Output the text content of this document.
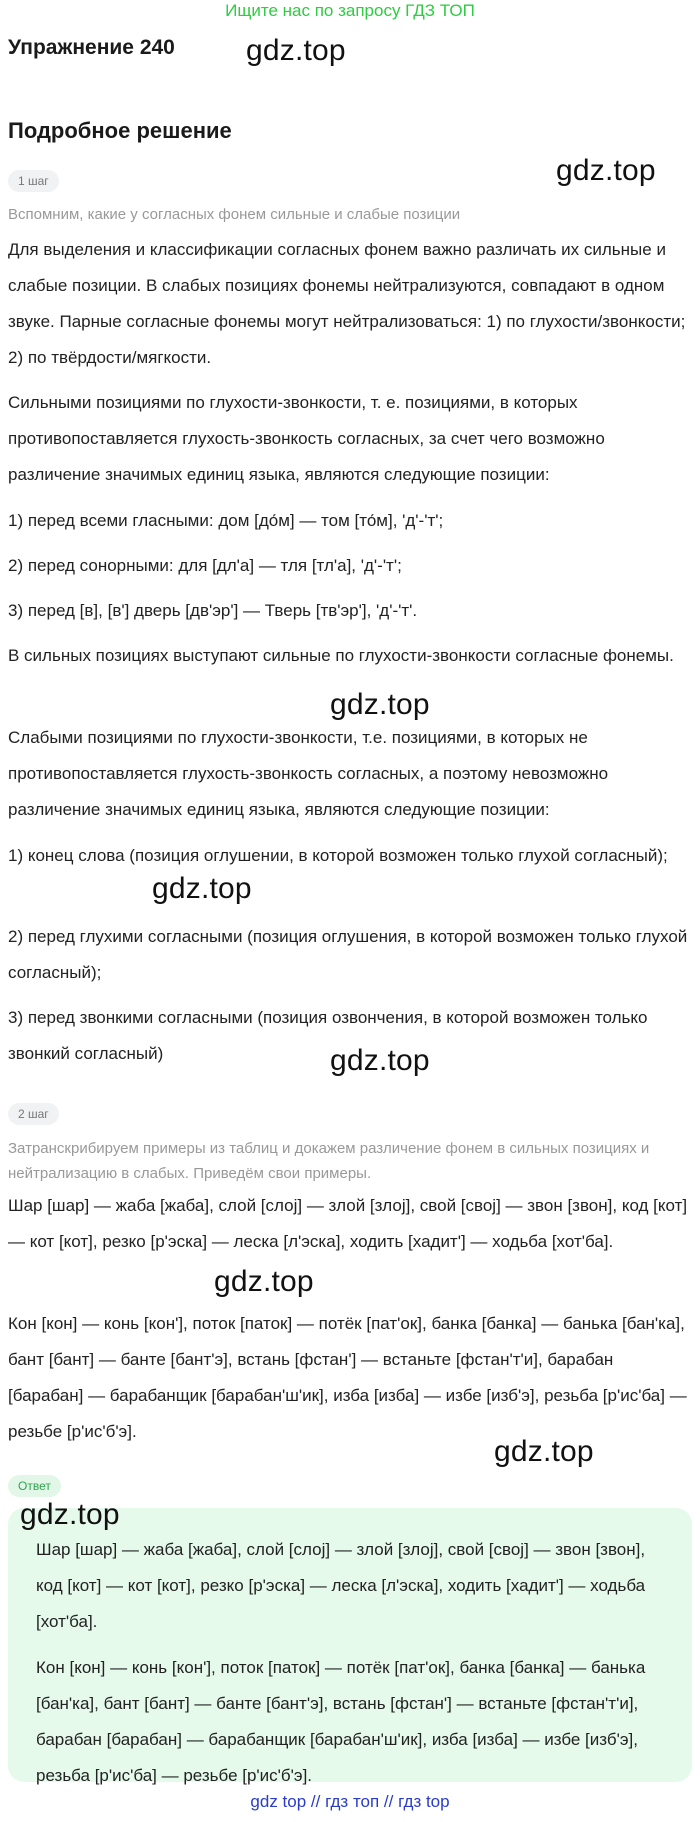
Ищите нас по запросу ГДЗ ТОП
Упражнение 240 gdz.top
gdz.top
Подробное решение
1 шаг
Вспомним, какие у согласных фонем сильные и слабые позиции
Для выделения и классификации согласных фонем важно различать их сильные и слабые позиции. В слабых позициях фонемы нейтрализуются, совпадают в одном звуке. Парные согласные фонемы могут нейтрализоваться: 1) по глухости/звонкости; 2) по твёрдости/мягкости.
Сильными позициями по глухости-звонкости, т. е. позициями, в которых противопоставляется глухость-звонкость согласных, за счет чего возможно различение значимых единиц языка, являются следующие позиции:
1) перед всеми гласными: дом [до́м] — том [то́м], 'д'-'т';
2) перед сонорными: для [дл'а] — тля [тл'а], 'д'-'т';
3) перед [в], [в'] дверь [дв'эр'] — Тверь [тв'эр'], 'д'-'т'.
В сильных позициях выступают сильные по глухости-звонкости согласные фонемы.
gdz.top
Слабыми позициями по глухости-звонкости, т.е. позициями, в которых не противопоставляется глухость-звонкость согласных, а поэтому невозможно различение значимых единиц языка, являются следующие позиции:
1) конец слова (позиция оглушении, в которой возможен только глухой согласный);
gdz.top
2) перед глухими согласными (позиция оглушения, в которой возможен только глухой согласный);
3) перед звонкими согласными (позиция озвончения, в которой возможен только звонкий согласный)	gdz.top
2 шаг
Затранскрибируем примеры из таблиц и докажем различение фонем в сильных позициях и нейтрализацию в слабых. Приведём свои примеры.
Шар [шар] — жаба [жаба], слой [слој] — злой [злој], свой [свој] — звон [звон], код [кот] — кот [кот], резко [р'эска] — леска [л'эска], ходить [хадит'] — ходьба [хот'ба].
gdz.top
Кон [кон] — конь [кон'], поток [паток] — потёк [пат'ок], банка [банка] — банька [бан'ка], бант [бант] — банте [бант'э], встань [фстан'] — встаньте [фстан'т'и], барабан [барабан] — барабанщик [барабан'ш'ик], изба [изба] — избе [изб'э], резьба [р'ис'ба] — резьбе [р'ис'б'э].
gdz.top
Ответ
gdz.top
Шар [шар] — жаба [жаба], слой [слој] — злой [злој], свой [свој] — звон [звон], код [кот] — кот [кот], резко [р'эска] — леска [л'эска], ходить [хадит'] — ходьба [хот'ба].
Кон [кон] — конь [кон'], поток [паток] — потёк [пат'ок], банка [банка] — банька [бан'ка], бант [бант] — банте [бант'э], встань [фстан'] — встаньте [фстан'т'и], барабан [барабан] — барабанщик [барабан'ш'ик], изба [изба] — избе [изб'э], резьба [р'ис'ба] — резьбе [р'ис'б'э].
gdz top // гдз топ // гдз top
